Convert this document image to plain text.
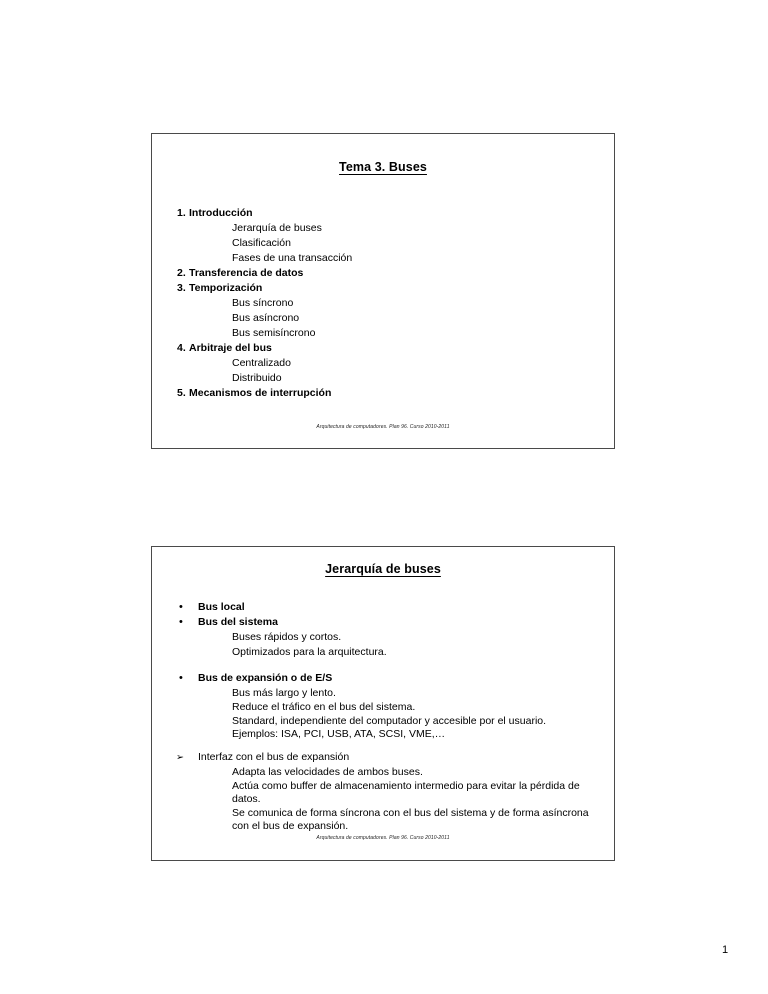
Tema 3. Buses
1. Introducción
Jerarquía de buses
Clasificación
Fases de una transacción
2. Transferencia de datos
3. Temporización
Bus síncrono
Bus asíncrono
Bus semisíncrono
4. Arbitraje del bus
Centralizado
Distribuido
5. Mecanismos de interrupción
Arquitectura de computadores. Plan 96. Curso 2010-2011
Jerarquía de buses
• Bus local
• Bus del sistema
Buses rápidos y cortos.
Optimizados para la arquitectura.
• Bus de expansión o de E/S
Bus más largo y lento.
Reduce el tráfico en el bus del sistema.
Standard, independiente del computador y accesible por el usuario.
Ejemplos: ISA, PCI, USB, ATA, SCSI, VME,…
➢ Interfaz con el bus de expansión
Adapta las velocidades de ambos buses.
Actúa como buffer de almacenamiento intermedio para evitar la pérdida de datos.
Se comunica de forma síncrona con el bus del sistema y de forma asíncrona con el bus de expansión.
Arquitectura de computadores. Plan 96. Curso 2010-2011
1
